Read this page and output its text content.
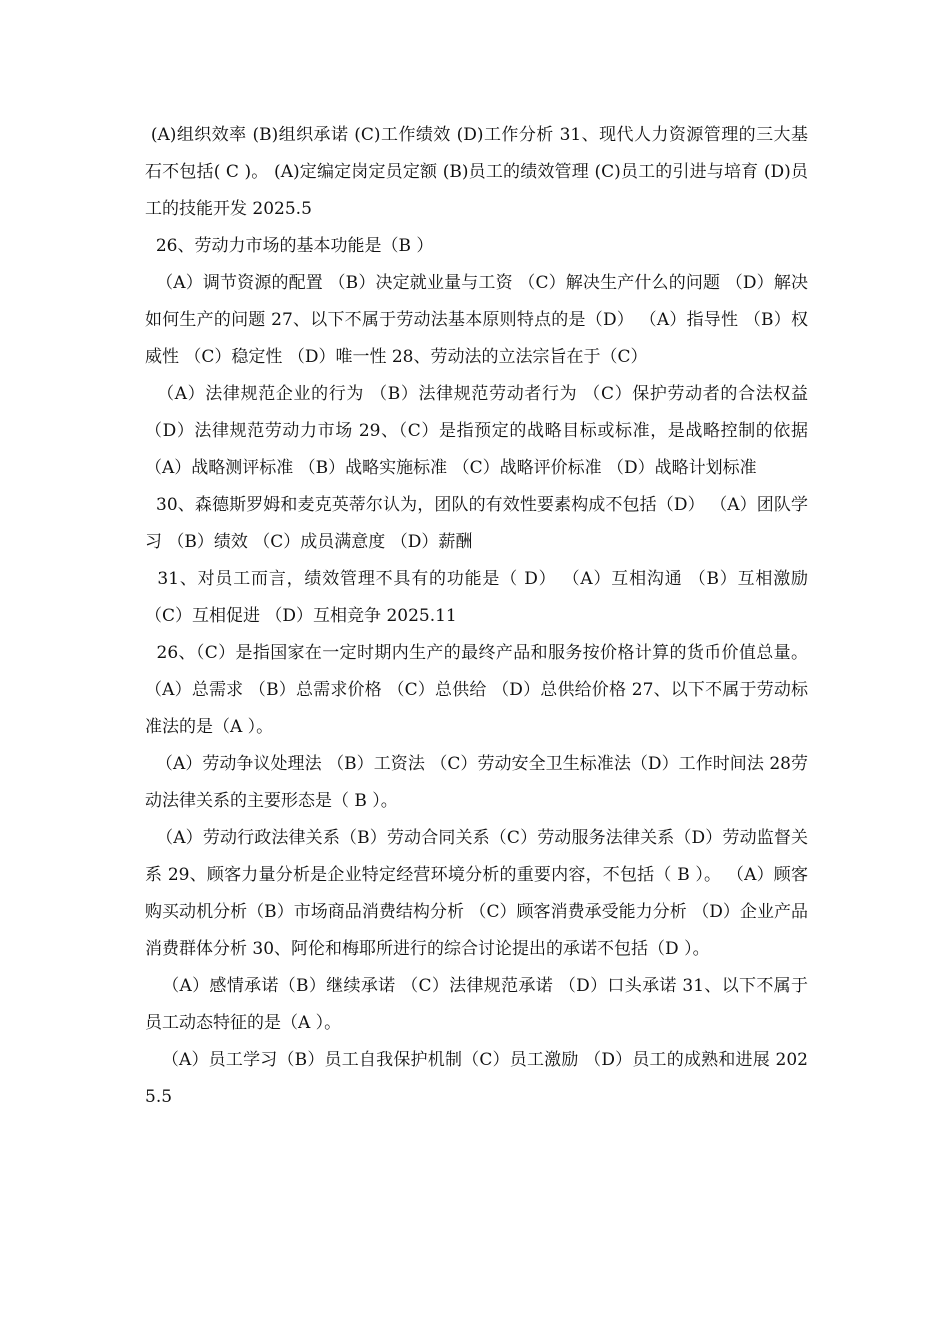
(A)组织效率 (B)组织承诺 (C)工作绩效 (D)工作分析 31、现代人力资源管理的三大基石不包括( C )。 (A)定编定岗定员定额 (B)员工的绩效管理 (C)员工的引进与培育 (D)员工的技能开发 2025.5

26、劳动力市场的基本功能是（B ）

（A）调节资源的配置 （B）决定就业量与工资 （C）解决生产什么的问题 （D）解决如何生产的问题 27、以下不属于劳动法基本原则特点的是（D） （A）指导性 （B）权威性 （C）稳定性 （D）唯一性 28、劳动法的立法宗旨在于（C）

（A）法律规范企业的行为 （B）法律规范劳动者行为 （C）保护劳动者的合法权益 （D）法律规范劳动力市场 29、（C）是指预定的战略目标或标准，是战略控制的依据 （A）战略测评标准 （B）战略实施标准 （C）战略评价标准 （D）战略计划标准

30、森德斯罗姆和麦克英蒂尔认为，团队的有效性要素构成不包括（D） （A）团队学习 （B）绩效 （C）成员满意度 （D）薪酬

31、对员工而言，绩效管理不具有的功能是（ D） （A）互相沟通 （B）互相激励 （C）互相促进 （D）互相竞争 2025.11

26、（C）是指国家在一定时期内生产的最终产品和服务按价格计算的货币价值总量。 （A）总需求 （B）总需求价格 （C）总供给 （D）总供给价格 27、以下不属于劳动标准法的是（A ）。

（A）劳动争议处理法 （B）工资法 （C）劳动安全卫生标准法（D）工作时间法 28劳动法律关系的主要形态是（ B ）。

（A）劳动行政法律关系（B）劳动合同关系（C）劳动服务法律关系（D）劳动监督关系 29、顾客力量分析是企业特定经营环境分析的重要内容，不包括（ B ）。 （A）顾客购买动机分析（B）市场商品消费结构分析 （C）顾客消费承受能力分析 （D）企业产品消费群体分析 30、阿伦和梅耶所进行的综合讨论提出的承诺不包括（D ）。

（A）感情承诺（B）继续承诺 （C）法律规范承诺 （D）口头承诺 31、以下不属于员工动态特征的是（A ）。

（A）员工学习（B）员工自我保护机制（C）员工激励 （D）员工的成熟和进展 2025.5
